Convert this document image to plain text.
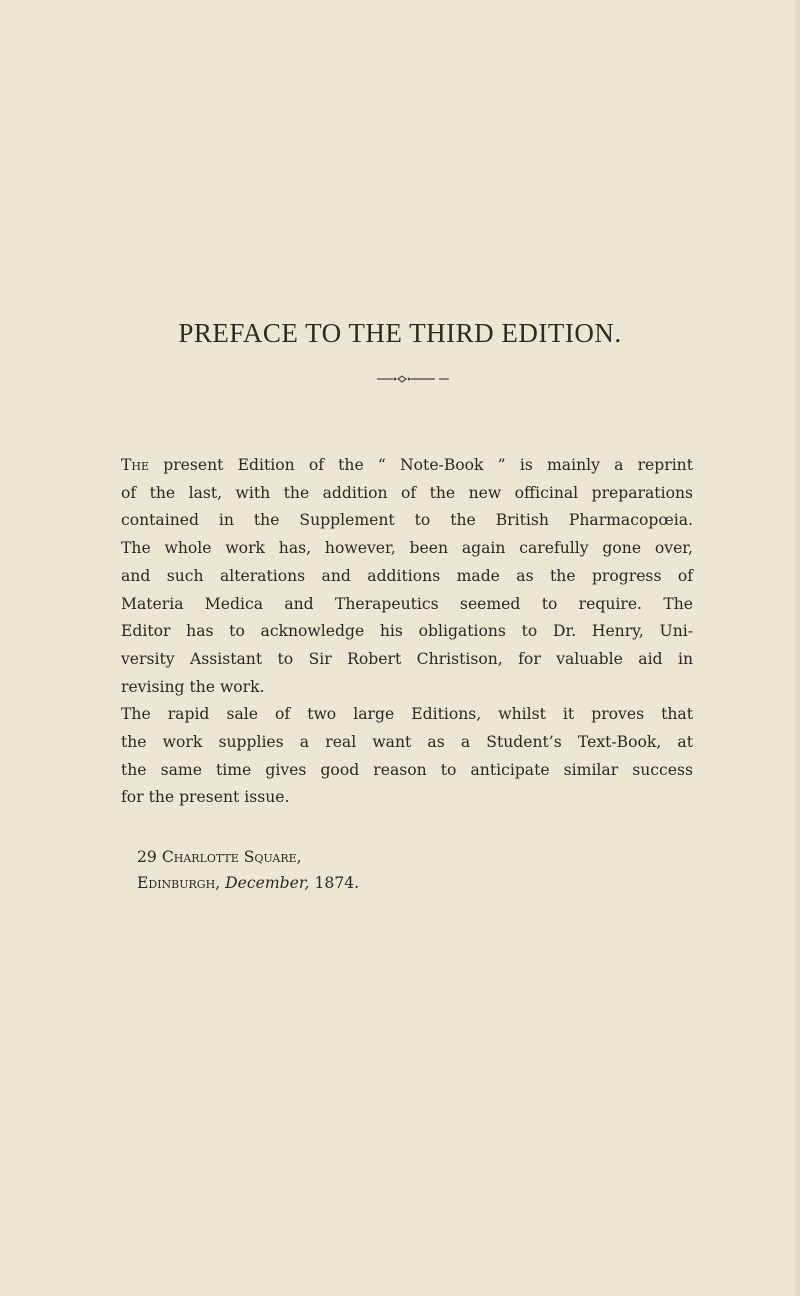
PREFACE TO THE THIRD EDITION.
The present Edition of the “ Note-Book ” is mainly a reprint
of the last, with the addition of the new officinal preparations
contained in the Supplement to the British Pharmacopœia.
The whole work has, however, been again carefully gone over,
and such alterations and additions made as the progress of
Materia Medica and Therapeutics seemed to require. The
Editor has to acknowledge his obligations to Dr. Henry, Uni-
versity Assistant to Sir Robert Christison, for valuable aid in
revising the work.
The rapid sale of two large Editions, whilst it proves that
the work supplies a real want as a Student’s Text-Book, at
the same time gives good reason to anticipate similar success
for the present issue.
29 Charlotte Square,
Edinburgh, December, 1874.
